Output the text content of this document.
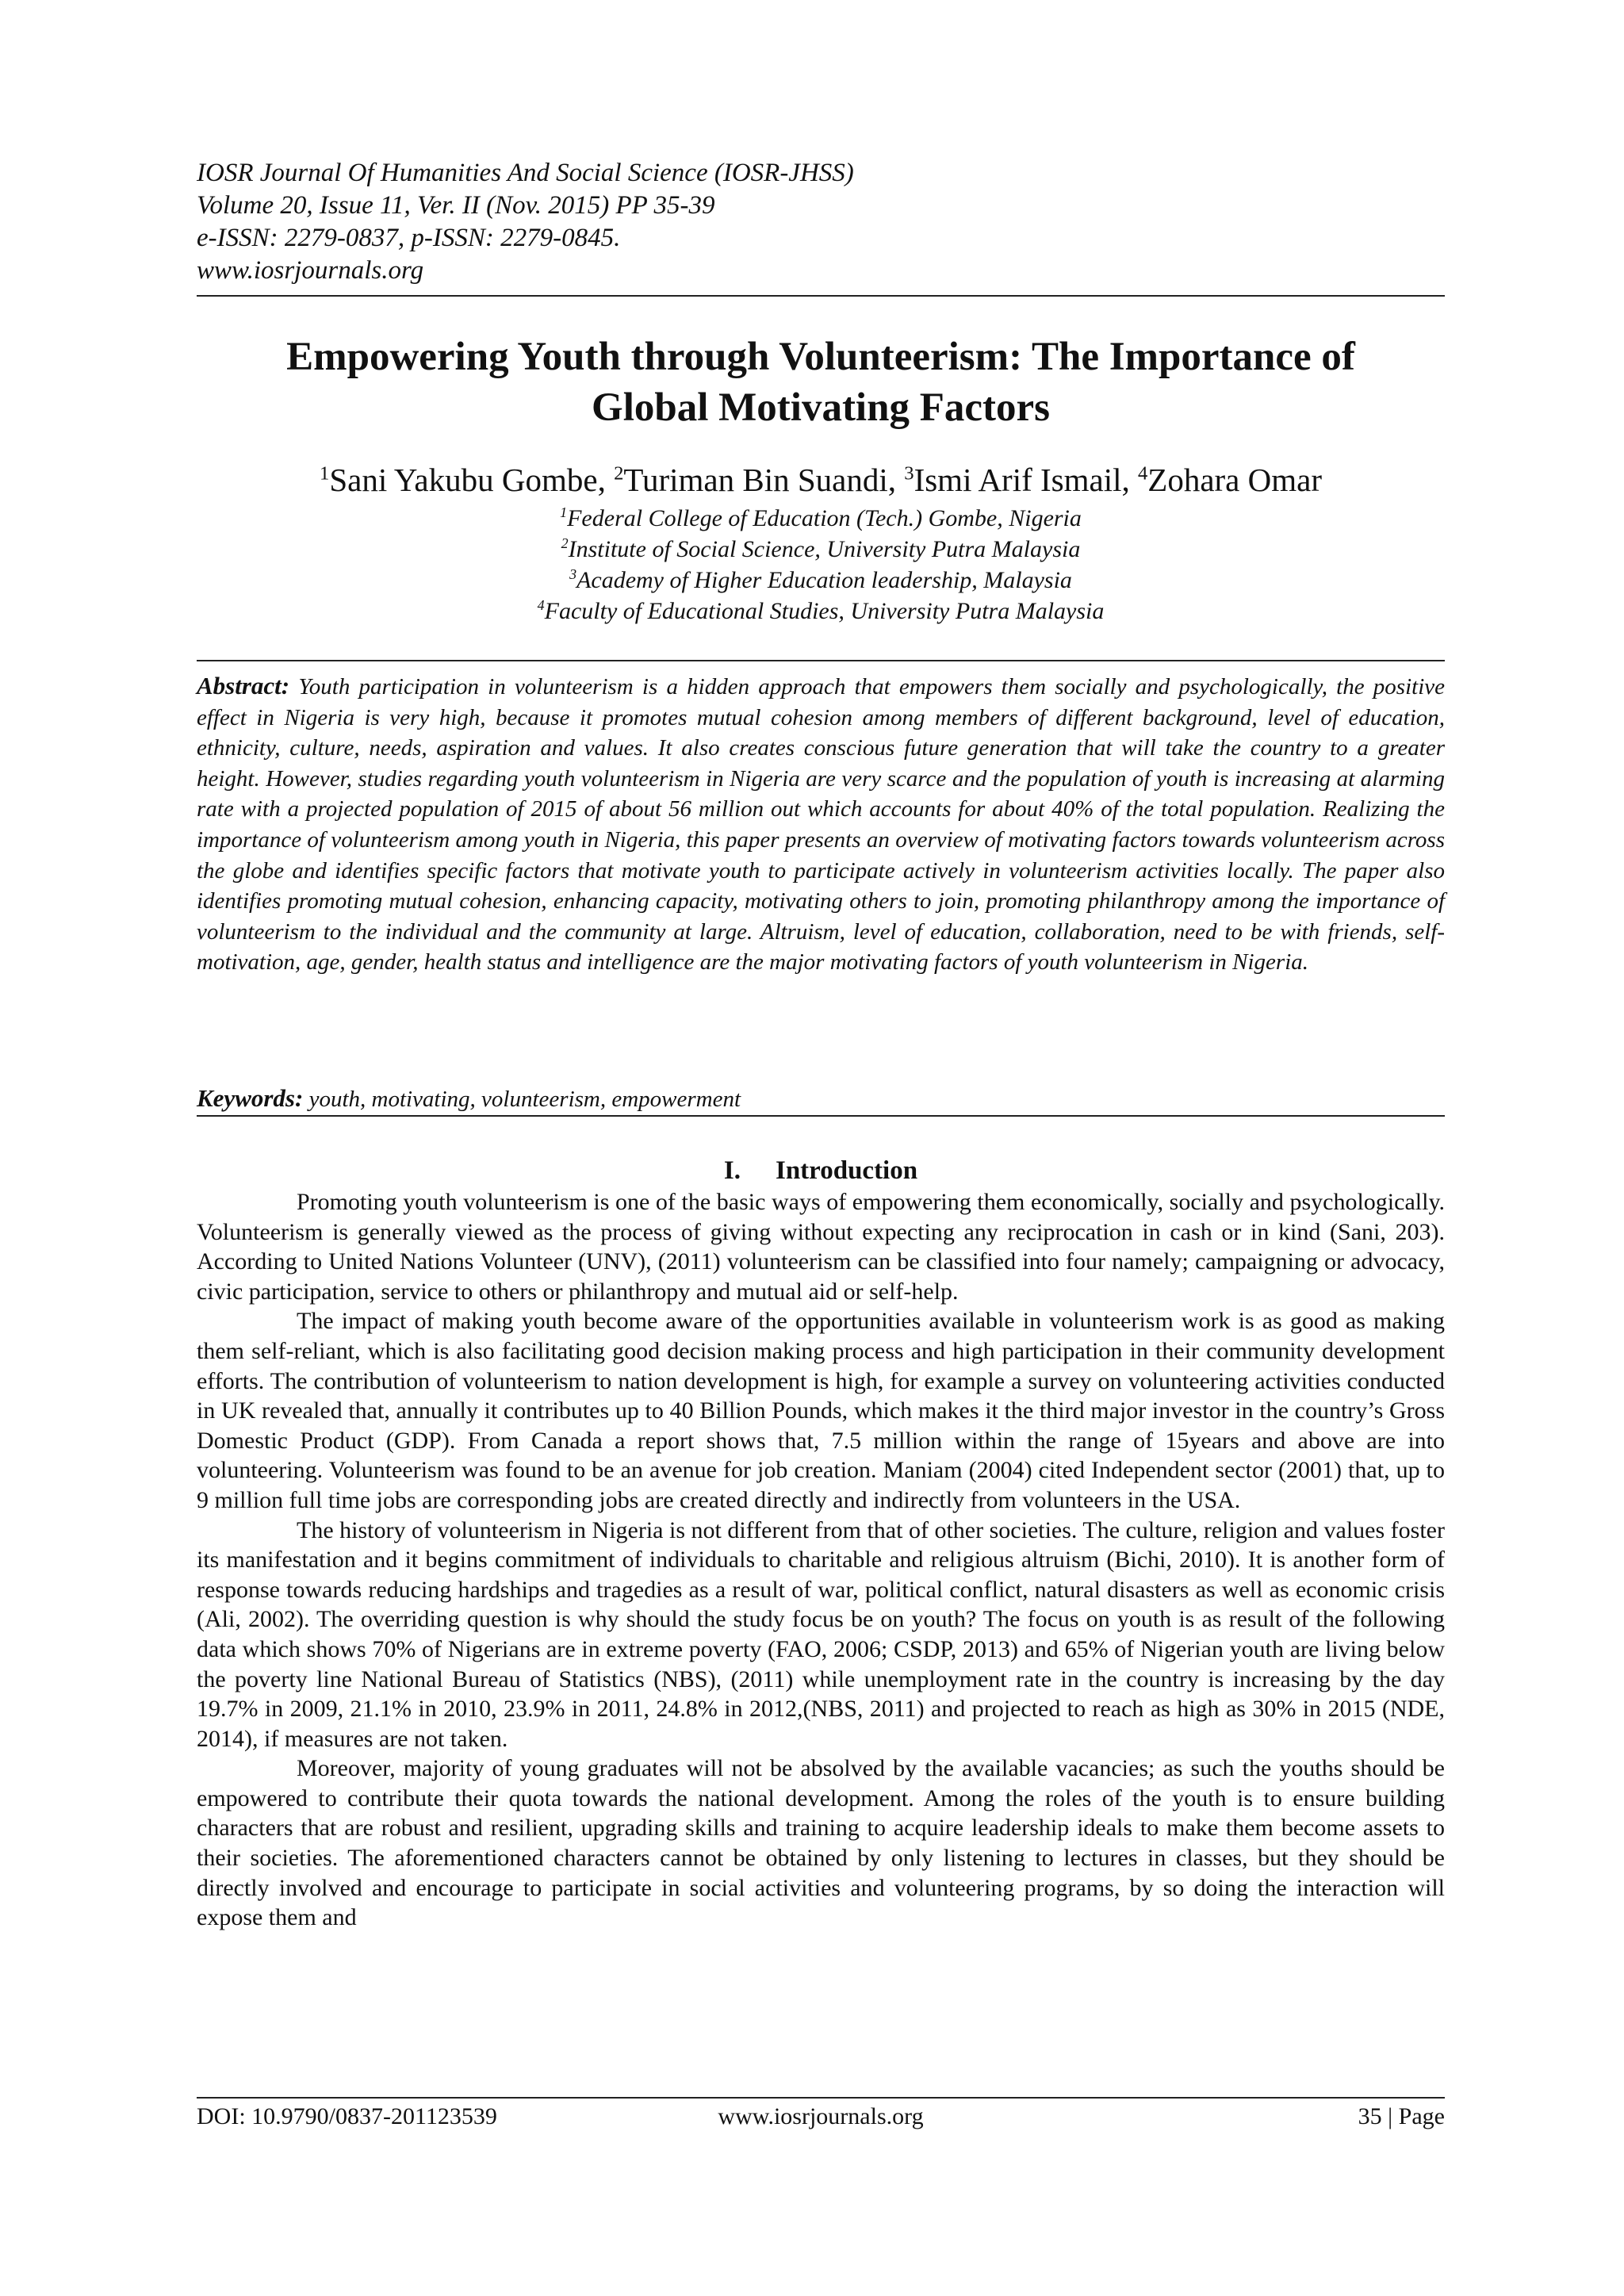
IOSR Journal Of Humanities And Social Science (IOSR-JHSS)
Volume 20, Issue 11, Ver. II (Nov. 2015) PP 35-39
e-ISSN: 2279-0837, p-ISSN: 2279-0845.
www.iosrjournals.org
Empowering Youth through Volunteerism: The Importance of
Global Motivating Factors
$^1$Sani Yakubu Gombe, $^2$Turiman Bin Suandi, $^3$Ismi Arif Ismail, $^4$Zohara Omar
$^1$Federal College of Education (Tech.) Gombe, Nigeria
$^2$Institute of Social Science, University Putra Malaysia
$^3$Academy of Higher Education leadership, Malaysia
$^4$Faculty of Educational Studies, University Putra Malaysia
Abstract: Youth participation in volunteerism is a hidden approach that empowers them socially and psychologically, the positive effect in Nigeria is very high, because it promotes mutual cohesion among members of different background, level of education, ethnicity, culture, needs, aspiration and values. It also creates conscious future generation that will take the country to a greater height. However, studies regarding youth volunteerism in Nigeria are very scarce and the population of youth is increasing at alarming rate with a projected population of 2015 of about 56 million out which accounts for about 40% of the total population. Realizing the importance of volunteerism among youth in Nigeria, this paper presents an overview of motivating factors towards volunteerism across the globe and identifies specific factors that motivate youth to participate actively in volunteerism activities locally. The paper also identifies promoting mutual cohesion, enhancing capacity, motivating others to join, promoting philanthropy among the importance of volunteerism to the individual and the community at large. Altruism, level of education, collaboration, need to be with friends, self-motivation, age, gender, health status and intelligence are the major motivating factors of youth volunteerism in Nigeria.
Keywords: youth, motivating, volunteerism, empowerment
I. Introduction

Promoting youth volunteerism is one of the basic ways of empowering them economically, socially and psychologically. Volunteerism is generally viewed as the process of giving without expecting any reciprocation in cash or in kind (Sani, 203). According to United Nations Volunteer (UNV), (2011) volunteerism can be classified into four namely; campaigning or advocacy, civic participation, service to others or philanthropy and mutual aid or self-help.

The impact of making youth become aware of the opportunities available in volunteerism work is as good as making them self-reliant, which is also facilitating good decision making process and high participation in their community development efforts. The contribution of volunteerism to nation development is high, for example a survey on volunteering activities conducted in UK revealed that, annually it contributes up to 40 Billion Pounds, which makes it the third major investor in the country’s Gross Domestic Product (GDP). From Canada a report shows that, 7.5 million within the range of 15years and above are into volunteering. Volunteerism was found to be an avenue for job creation. Maniam (2004) cited Independent sector (2001) that, up to 9 million full time jobs are corresponding jobs are created directly and indirectly from volunteers in the USA.

The history of volunteerism in Nigeria is not different from that of other societies. The culture, religion and values foster its manifestation and it begins commitment of individuals to charitable and religious altruism (Bichi, 2010). It is another form of response towards reducing hardships and tragedies as a result of war, political conflict, natural disasters as well as economic crisis (Ali, 2002). The overriding question is why should the study focus be on youth? The focus on youth is as result of the following data which shows 70% of Nigerians are in extreme poverty (FAO, 2006; CSDP, 2013) and 65% of Nigerian youth are living below the poverty line National Bureau of Statistics (NBS), (2011) while unemployment rate in the country is increasing by the day 19.7% in 2009, 21.1% in 2010, 23.9% in 2011, 24.8% in 2012,(NBS, 2011) and projected to reach as high as 30% in 2015 (NDE, 2014), if measures are not taken.

Moreover, majority of young graduates will not be absolved by the available vacancies; as such the youths should be empowered to contribute their quota towards the national development. Among the roles of the youth is to ensure building characters that are robust and resilient, upgrading skills and training to acquire leadership ideals to make them become assets to their societies. The aforementioned characters cannot be obtained by only listening to lectures in classes, but they should be directly involved and encourage to participate in social activities and volunteering programs, by so doing the interaction will expose them and

DOI: 10.9790/0837-201123539	www.iosrjournals.org	35 | Page
